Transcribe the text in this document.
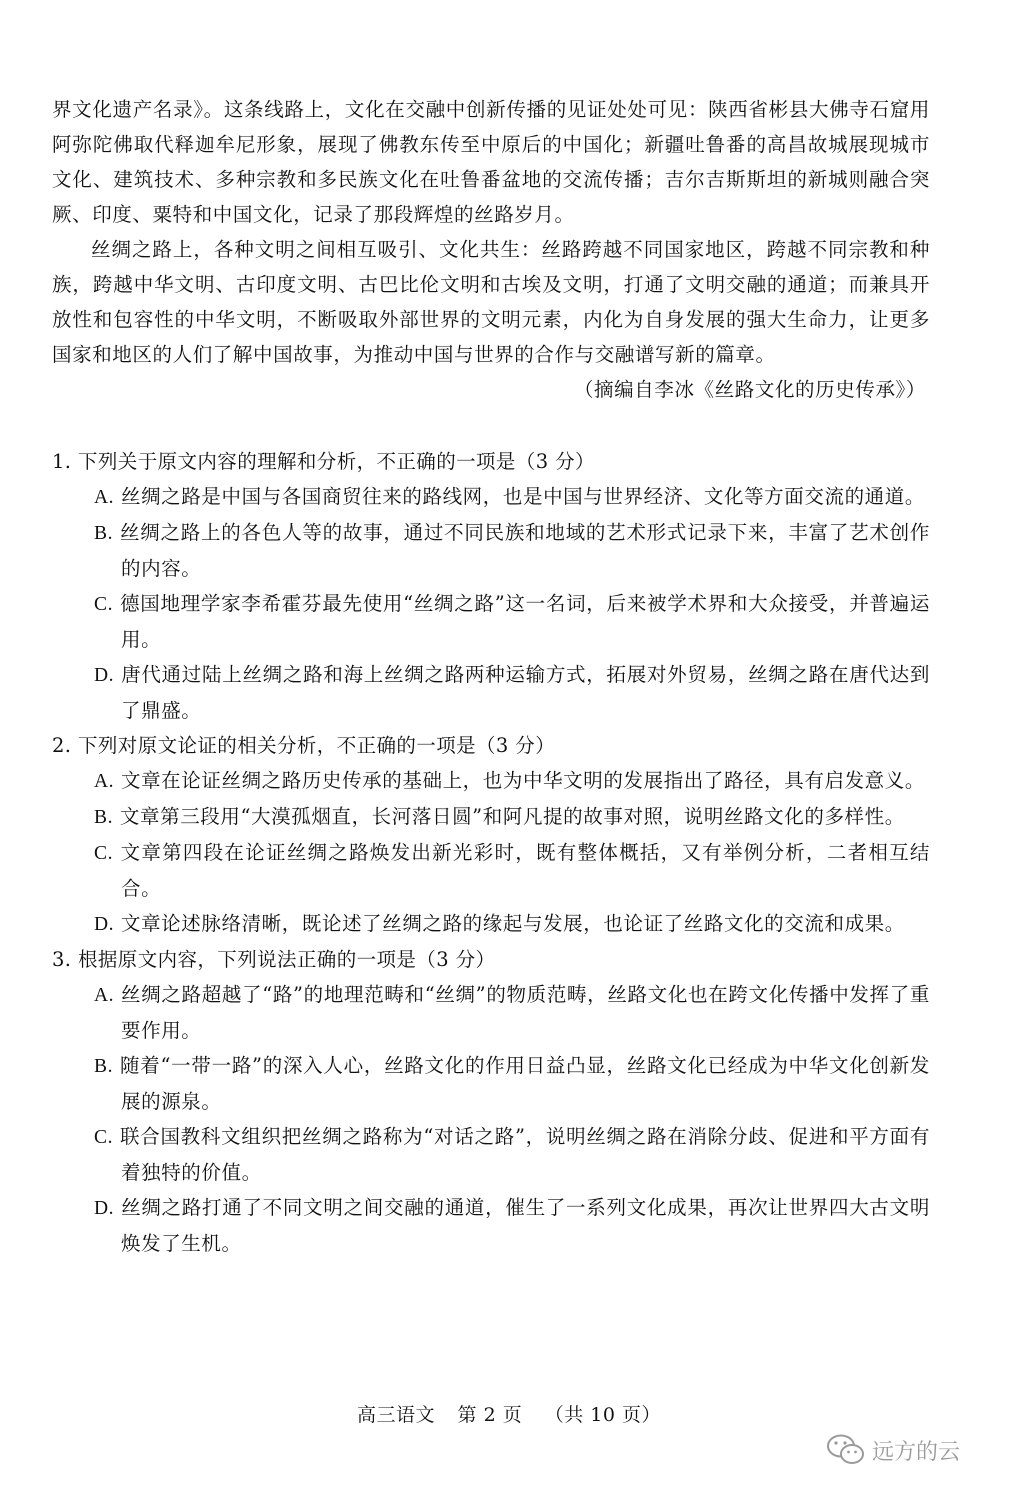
界文化遗产名录》。这条线路上，文化在交融中创新传播的见证处处可见：陕西省彬县大佛寺石窟用阿弥陀佛取代释迦牟尼形象，展现了佛教东传至中原后的中国化；新疆吐鲁番的高昌故城展现城市文化、建筑技术、多种宗教和多民族文化在吐鲁番盆地的交流传播；吉尔吉斯斯坦的新城则融合突厥、印度、粟特和中国文化，记录了那段辉煌的丝路岁月。

丝绸之路上，各种文明之间相互吸引、文化共生：丝路跨越不同国家地区，跨越不同宗教和种族，跨越中华文明、古印度文明、古巴比伦文明和古埃及文明，打通了文明交融的通道；而兼具开放性和包容性的中华文明，不断吸取外部世界的文明元素，内化为自身发展的强大生命力，让更多国家和地区的人们了解中国故事，为推动中国与世界的合作与交融谱写新的篇章。

（摘编自李冰《丝路文化的历史传承》）

1. 下列关于原文内容的理解和分析，不正确的一项是（3 分）

A. 丝绸之路是中国与各国商贸往来的路线网，也是中国与世界经济、文化等方面交流的通道。

B. 丝绸之路上的各色人等的故事，通过不同民族和地域的艺术形式记录下来，丰富了艺术创作的内容。

C. 德国地理学家李希霍芬最先使用“丝绸之路”这一名词，后来被学术界和大众接受，并普遍运用。

D. 唐代通过陆上丝绸之路和海上丝绸之路两种运输方式，拓展对外贸易，丝绸之路在唐代达到了鼎盛。

2. 下列对原文论证的相关分析，不正确的一项是（3 分）

A. 文章在论证丝绸之路历史传承的基础上，也为中华文明的发展指出了路径，具有启发意义。

B. 文章第三段用“大漠孤烟直，长河落日圆”和阿凡提的故事对照，说明丝路文化的多样性。

C. 文章第四段在论证丝绸之路焕发出新光彩时，既有整体概括，又有举例分析，二者相互结合。

D. 文章论述脉络清晰，既论述了丝绸之路的缘起与发展，也论证了丝路文化的交流和成果。

3. 根据原文内容，下列说法正确的一项是（3 分）

A. 丝绸之路超越了“路”的地理范畴和“丝绸”的物质范畴，丝路文化也在跨文化传播中发挥了重要作用。

B. 随着“一带一路”的深入人心，丝路文化的作用日益凸显，丝路文化已经成为中华文化创新发展的源泉。

C. 联合国教科文组织把丝绸之路称为“对话之路”，说明丝绸之路在消除分歧、促进和平方面有着独特的价值。

D. 丝绸之路打通了不同文明之间交融的通道，催生了一系列文化成果，再次让世界四大古文明焕发了生机。

高三语文 第 2 页 （共 10 页）
远方的云
